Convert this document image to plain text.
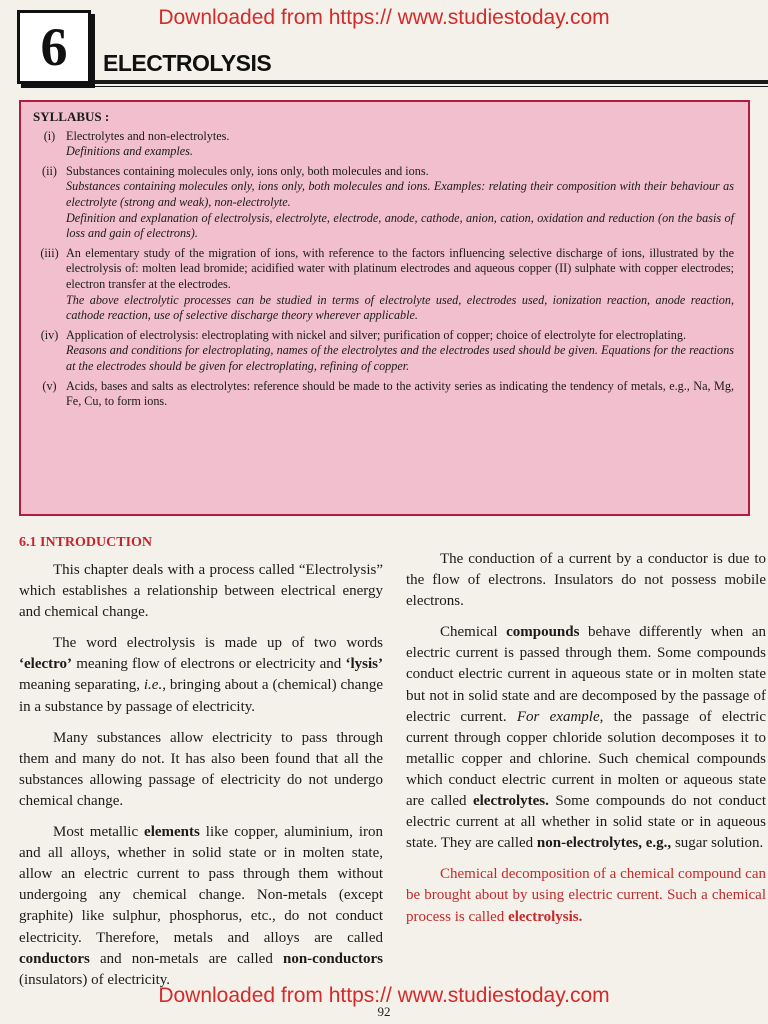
Downloaded from https:// www.studiestoday.com
6 ELECTROLYSIS
SYLLABUS :
(i) Electrolytes and non-electrolytes.
Definitions and examples.
(ii) Substances containing molecules only, ions only, both molecules and ions.
Substances containing molecules only, ions only, both molecules and ions. Examples: relating their composition with their behaviour as electrolyte (strong and weak), non-electrolyte.
Definition and explanation of electrolysis, electrolyte, electrode, anode, cathode, anion, cation, oxidation and reduction (on the basis of loss and gain of electrons).
(iii) An elementary study of the migration of ions, with reference to the factors influencing selective discharge of ions, illustrated by the electrolysis of: molten lead bromide; acidified water with platinum electrodes and aqueous copper (II) sulphate with copper electrodes; electron transfer at the electrodes.
The above electrolytic processes can be studied in terms of electrolyte used, electrodes used, ionization reaction, anode reaction, cathode reaction, use of selective discharge theory wherever applicable.
(iv) Application of electrolysis: electroplating with nickel and silver; purification of copper; choice of electrolyte for electroplating.
Reasons and conditions for electroplating, names of the electrolytes and the electrodes used should be given. Equations for the reactions at the electrodes should be given for electroplating, refining of copper.
(v) Acids, bases and salts as electrolytes: reference should be made to the activity series as indicating the tendency of metals, e.g., Na, Mg, Fe, Cu, to form ions.
6.1 INTRODUCTION

This chapter deals with a process called “Electrolysis” which establishes a relationship between electrical energy and chemical change.

The word electrolysis is made up of two words ‘electro’ meaning flow of electrons or electricity and ‘lysis’ meaning separating, i.e., bringing about a (chemical) change in a substance by passage of electricity.

Many substances allow electricity to pass through them and many do not. It has also been found that all the substances allowing passage of electricity do not undergo chemical change.

Most metallic elements like copper, aluminium, iron and all alloys, whether in solid state or in molten state, allow an electric current to pass through them without undergoing any chemical change. Non-metals (except graphite) like sulphur, phosphorus, etc., do not conduct electricity. Therefore, metals and alloys are called conductors and non-metals are called non-conductors (insulators) of electricity.

The conduction of a current by a conductor is due to the flow of electrons. Insulators do not possess mobile electrons.

Chemical compounds behave differently when an electric current is passed through them. Some compounds conduct electric current in aqueous state or in molten state but not in solid state and are decomposed by the passage of electric current. For example, the passage of electric current through copper chloride solution decomposes it to metallic copper and chlorine. Such chemical compounds which conduct electric current in molten or aqueous state are called electrolytes. Some compounds do not conduct electric current at all whether in solid state or in aqueous state. They are called non-electrolytes, e.g., sugar solution.

Chemical decomposition of a chemical compound can be brought about by using electric current. Such a chemical process is called electrolysis.

Downloaded from https:// www.studiestoday.com
92
